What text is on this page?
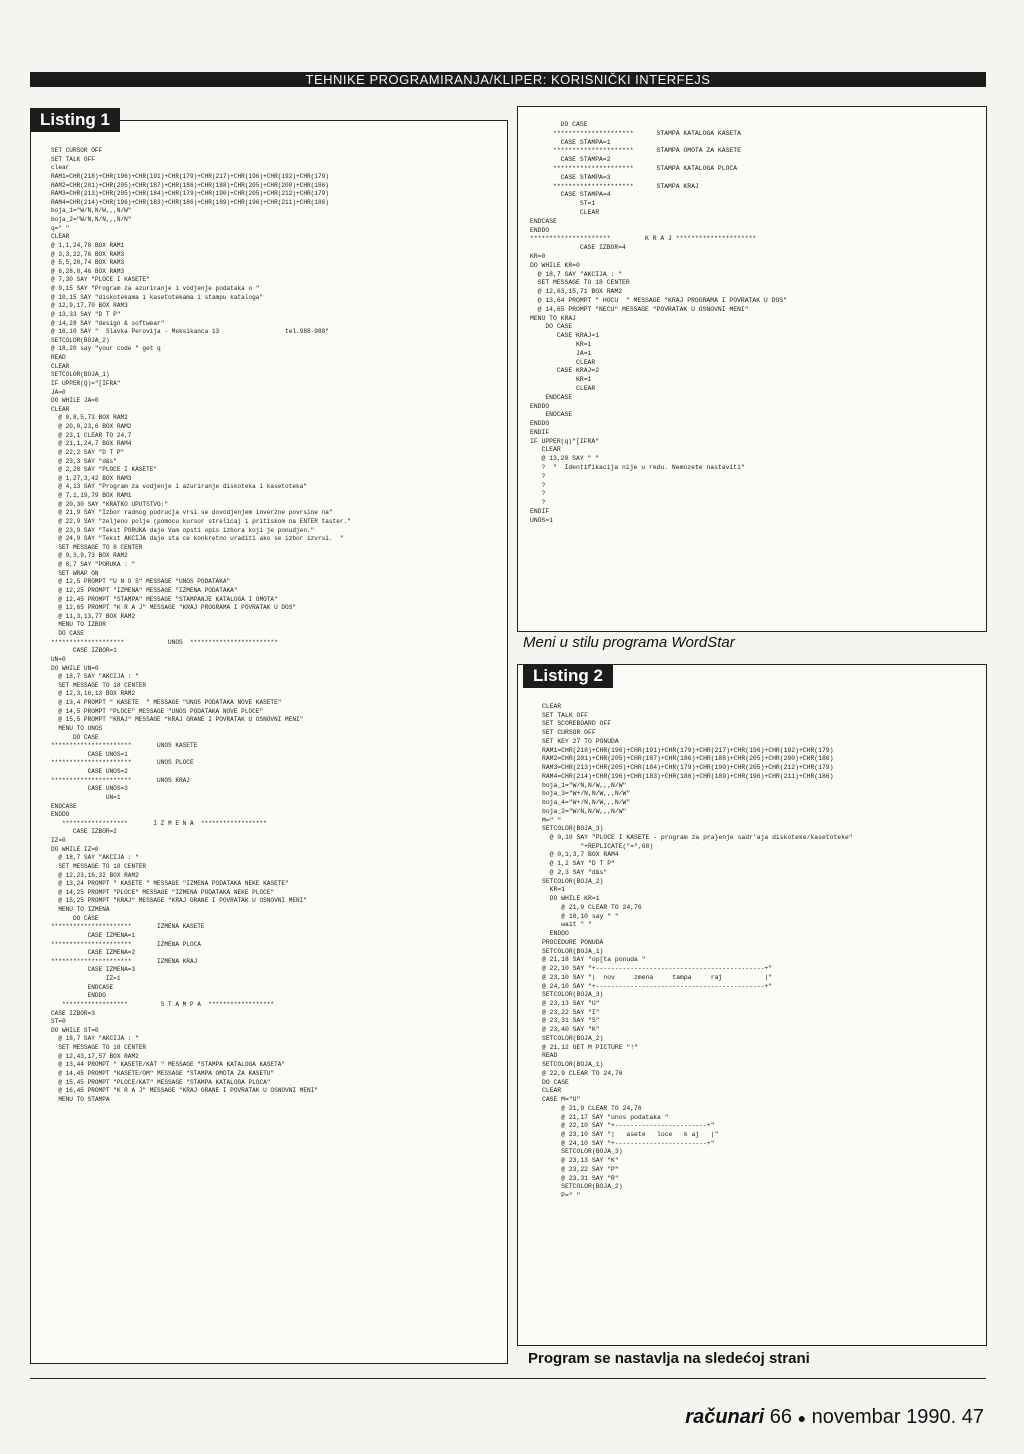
TEHNIKE PROGRAMIRANJA/KLIPER: KORISNIČKI INTERFEJS
SET CURSOR OFF
SET TALK OFF
clear
RAM1=CHR(218)+CHR(196)+CHR(191)+CHR(179)+CHR(217)+CHR(196)+CHR(192)+CHR(179)
RAM2=CHR(201)+CHR(205)+CHR(187)+CHR(186)+CHR(188)+CHR(205)+CHR(200)+CHR(186)
RAM3=CHR(213)+CHR(205)+CHR(184)+CHR(179)+CHR(190)+CHR(205)+CHR(212)+CHR(179)
RAM4=CHR(214)+CHR(196)+CHR(183)+CHR(186)+CHR(189)+CHR(196)+CHR(211)+CHR(186)
boja_1="W/N,N/W,,,N/W"
boja_2="W/N,N/N,,,N/N"
q=" "
CLEAR
@ 1,1,24,78 BOX RAM1
@ 3,3,22,76 BOX RAM3
@ 5,5,20,74 BOX RAM3
@ 6,28,8,46 BOX RAM3
@ 7,30 SAY "PLOCE I KASETE"
@ 9,15 SAY "Program za azuriranje i vodjenje podataka o "
@ 10,15 SAY "diskotekama i kasetotekama i stampu kataloga"
@ 12,9,17,70 BOX RAM3
@ 13,33 SAY "D T P"
@ 14,28 SAY "design & softwear"
@ 16,10 SAY "  Slavka Perovija - Meksikanca 13                  tel.988-988"
SETCOLOR(BOJA_2)
@ 18,20 say "your code " get q
READ
CLEAR
SETCOLOR(BOJA_1)
IF UPPER(Q)="[IFRA"
JA=0
DO WHILE JA=0
CLEAR
@ 0,8,5,73 BOX RAM2
@ 20,0,23,6 BOX RAM2
@ 23,1 CLEAR TO 24,7
@ 21,1,24,7 BOX RAM4
@ 22,2 SAY "D T P"
@ 23,3 SAY "d&s"
@ 2,28 SAY "PLOCE I KASETE"
@ 1,27,3,42 BOX RAM3
@ 4,13 SAY "Program za vodjenje i azuriranje diskoteka i kasetoteka"
@ 7,1,19,79 BOX RAM1
@ 20,30 SAY "KRATKO UPUTSTVO:"
@ 21,9 SAY "Izbor radnog podrucja vrsi se dovodjenjem inverzne povrsine na"
@ 22,9 SAY "zeljeno polje (pomocu kursor strelica) i pritiskom na ENTER taster."
@ 23,9 SAY "Tekst PORUKA daje Vam opsti opis izbora koji je ponudjen."
@ 24,9 SAY "Tekst AKCIJA daje sta ce konkretno uraditi ako se izbor izvrsi.  "
SET MESSAGE TO 8 CENTER
@ 9,3,9,73 BOX RAM2
@ 8,7 SAY "PORUKA : "
SET WRAP ON
@ 12,5 PROMPT "U N O S" MESSAGE "UNOS PODATAKA"
@ 12,25 PROMPT "IZMENA" MESSAGE "IZMENA PODATAKA"
@ 12,45 PROMPT "STAMPA" MESSAGE "STAMPANJE KATALOGA I OMOTA"
@ 12,65 PROMPT "K R A J" MESSAGE "KRAJ PROGRAMA I POVRATAK U DOS"
@ 11,3,13,77 BOX RAM2
MENU TO IZBOR
DO CASE
********************            UNOS  ************************
CASE IZBOR=1
UN=0
DO WHILE UN=0
@ 18,7 SAY "AKCIJA : "
SET MESSAGE TO 18 CENTER
@ 12,3,16,13 BOX RAM2
@ 13,4 PROMPT " KASETE  " MESSAGE "UNOS PODATAKA NOVE KASETE"
@ 14,5 PROMPT "PLOCE" MESSAGE "UNOS PODATAKA NOVE PLOCE"
@ 15,5 PROMPT "KRAJ" MESSAGE "KRAJ GRANE I POVRATAK U OSNOVNI MENI"
MENU TO UNOS
DO CASE
**********************       UNOS KASETE
CASE UNOS=1
**********************       UNOS PLOCE
CASE UNOS=2
**********************       UNOS KRAJ
CASE UNOS=3
UN=1
ENDCASE
ENDDO
******************       I Z M E N A  ******************
CASE IZBOR=2
IZ=0
DO WHILE IZ=0
@ 18,7 SAY "AKCIJA : "
SET MESSAGE TO 18 CENTER
@ 12,23,16,32 BOX RAM2
@ 13,24 PROMPT " KASETE " MESSAGE "IZMENA PODATAKA NEKE KASETE"
@ 14,25 PROMPT "PLOCE" MESSAGE "IZMENA PODATAKA NEKE PLOCE"
@ 15,25 PROMPT "KRAJ" MESSAGE "KRAJ GRANE I POVRATAK U OSNOVNI MENI"
MENU TO IZMENA
DO CASE
**********************       IZMENA KASETE
CASE IZMENA=1
**********************       IZMENA PLOCA
CASE IZMENA=2
**********************       IZMENA KRAJ
CASE IZMENA=3
IZ=1
ENDCASE
ENDDO
******************         S T A M P A  ******************
CASE IZBOR=3
ST=0
DO WHILE ST=0
@ 18,7 SAY "AKCIJA : "
SET MESSAGE TO 18 CENTER
@ 12,43,17,57 BOX RAM2
@ 13,44 PROMPT " KASETE/KAT " MESSAGE "STAMPA KATALOGA KASETA"
@ 14,45 PROMPT "KASETE/OM" MESSAGE "STAMPA OMOTA ZA KASETU"
@ 15,45 PROMPT "PLOCE/KAT" MESSAGE "STAMPA KATALOGA PLOCA"
@ 16,45 PROMPT "K R A J" MESSAGE "KRAJ GRANE I POVRATAK U OSNOVNI MENI"
MENU TO STAMPA
Listing 1	DO CASE
*********************      STAMPA KATALOGA KASETA
CASE STAMPA=1
*********************      STAMPA OMOTA ZA KASETE
CASE STAMPA=2
*********************      STAMPA KATALOGA PLOCA
CASE STAMPA=3
*********************      STAMPA KRAJ
CASE STAMPA=4
ST=1
CLEAR
ENDCASE
ENDDO
*********************         K R A J *********************
CASE IZBOR=4
KR=0
DO WHILE KR=0
@ 18,7 SAY "AKCIJA : "
SET MESSAGE TO 18 CENTER
@ 12,63,15,71 BOX RAM2
@ 13,64 PROMPT " HOCU  " MESSAGE "KRAJ PROGRAMA I POVRATAK U DOS"
@ 14,65 PROMPT "NECU" MESSAGE "POVRATAK U OSNOVNI MENI"
MENU TO KRAJ
DO CASE
CASE KRAJ=1
KR=1
JA=1
CLEAR
CASE KRAJ=2
KR=1
CLEAR
ENDCASE
ENDDO
ENDCASE
ENDDO
ENDIF
IF UPPER(q)"[IFRA"
CLEAR
@ 13,20 SAY " "
?  "  Identifikacija nije u redu. Nemozete nastaviti"
?
?
?
?
ENDIF
UNOS=1
Meni u stilu programa WordStar
CLEAR
SET TALK OFF
SET SCOREBOARD OFF
SET CURSOR OFF
SET KEY 27 TO PONUDA
RAM1=CHR(218)+CHR(196)+CHR(191)+CHR(179)+CHR(217)+CHR(196)+CHR(192)+CHR(179)
RAM2=CHR(201)+CHR(205)+CHR(187)+CHR(186)+CHR(188)+CHR(205)+CHR(200)+CHR(186)
RAM3=CHR(213)+CHR(205)+CHR(184)+CHR(179)+CHR(190)+CHR(205)+CHR(212)+CHR(179)
RAM4=CHR(214)+CHR(196)+CHR(183)+CHR(186)+CHR(189)+CHR(196)+CHR(211)+CHR(186)
boja_1="W/N,N/W,,,N/W"
boja_3="W+/N,N/W,,,N/W"
boja_4="W+/N,N/W,,,N/W"
boja_2="W/N,N/W,,,N/W"
M=" "
SETCOLOR(BOJA_3)
@ 0,10 SAY "PLOCE I KASETE - program za pra}enje sadr'aja diskoteke/kasetoteke"
"+REPLICATE("=",68)
@ 0,1,3,7 BOX RAM4
@ 1,2 SAY "D T P"
@ 2,3 SAY "d&s"
SETCOLOR(BOJA_2)
KR=1
DO WHILE KR=1
@ 21,9 CLEAR TO 24,76
@ 10,10 say " "
wait " "
ENDDO
PROCEDURE PONUDA
SETCOLOR(BOJA_1)
@ 21,18 SAY "op[ta ponuda "
@ 22,10 SAY "+--------------------------------------------+"
@ 23,10 SAY "|  nov     zmena     tampa     raj           |"
@ 24,10 SAY "+--------------------------------------------+"
SETCOLOR(BOJA_3)
@ 23,13 SAY "U"
@ 23,22 SAY "I"
@ 23,31 SAY "S"
@ 23,40 SAY "K"
SETCOLOR(BOJA_2)
@ 21,12 GET M PICTURE "!"
READ
SETCOLOR(BOJA_1)
@ 22,9 CLEAR TO 24,76
DO CASE
CLEAR
CASE M="U"
@ 21,9 CLEAR TO 24,76
@ 21,17 SAY "unos podataka "
@ 22,10 SAY "+------------------------+"
@ 23,10 SAY "|   asete   loce   k aj   |"
@ 24,10 SAY "+------------------------+"
SETCOLOR(BOJA_3)
@ 23,13 SAY "K"
@ 23,22 SAY "P"
@ 23,31 SAY "R"
SETCOLOR(BOJA_2)
P=" "
Listing 2
Program se nastavlja na sledećoj strani
računari 66 ● novembar 1990. 47
